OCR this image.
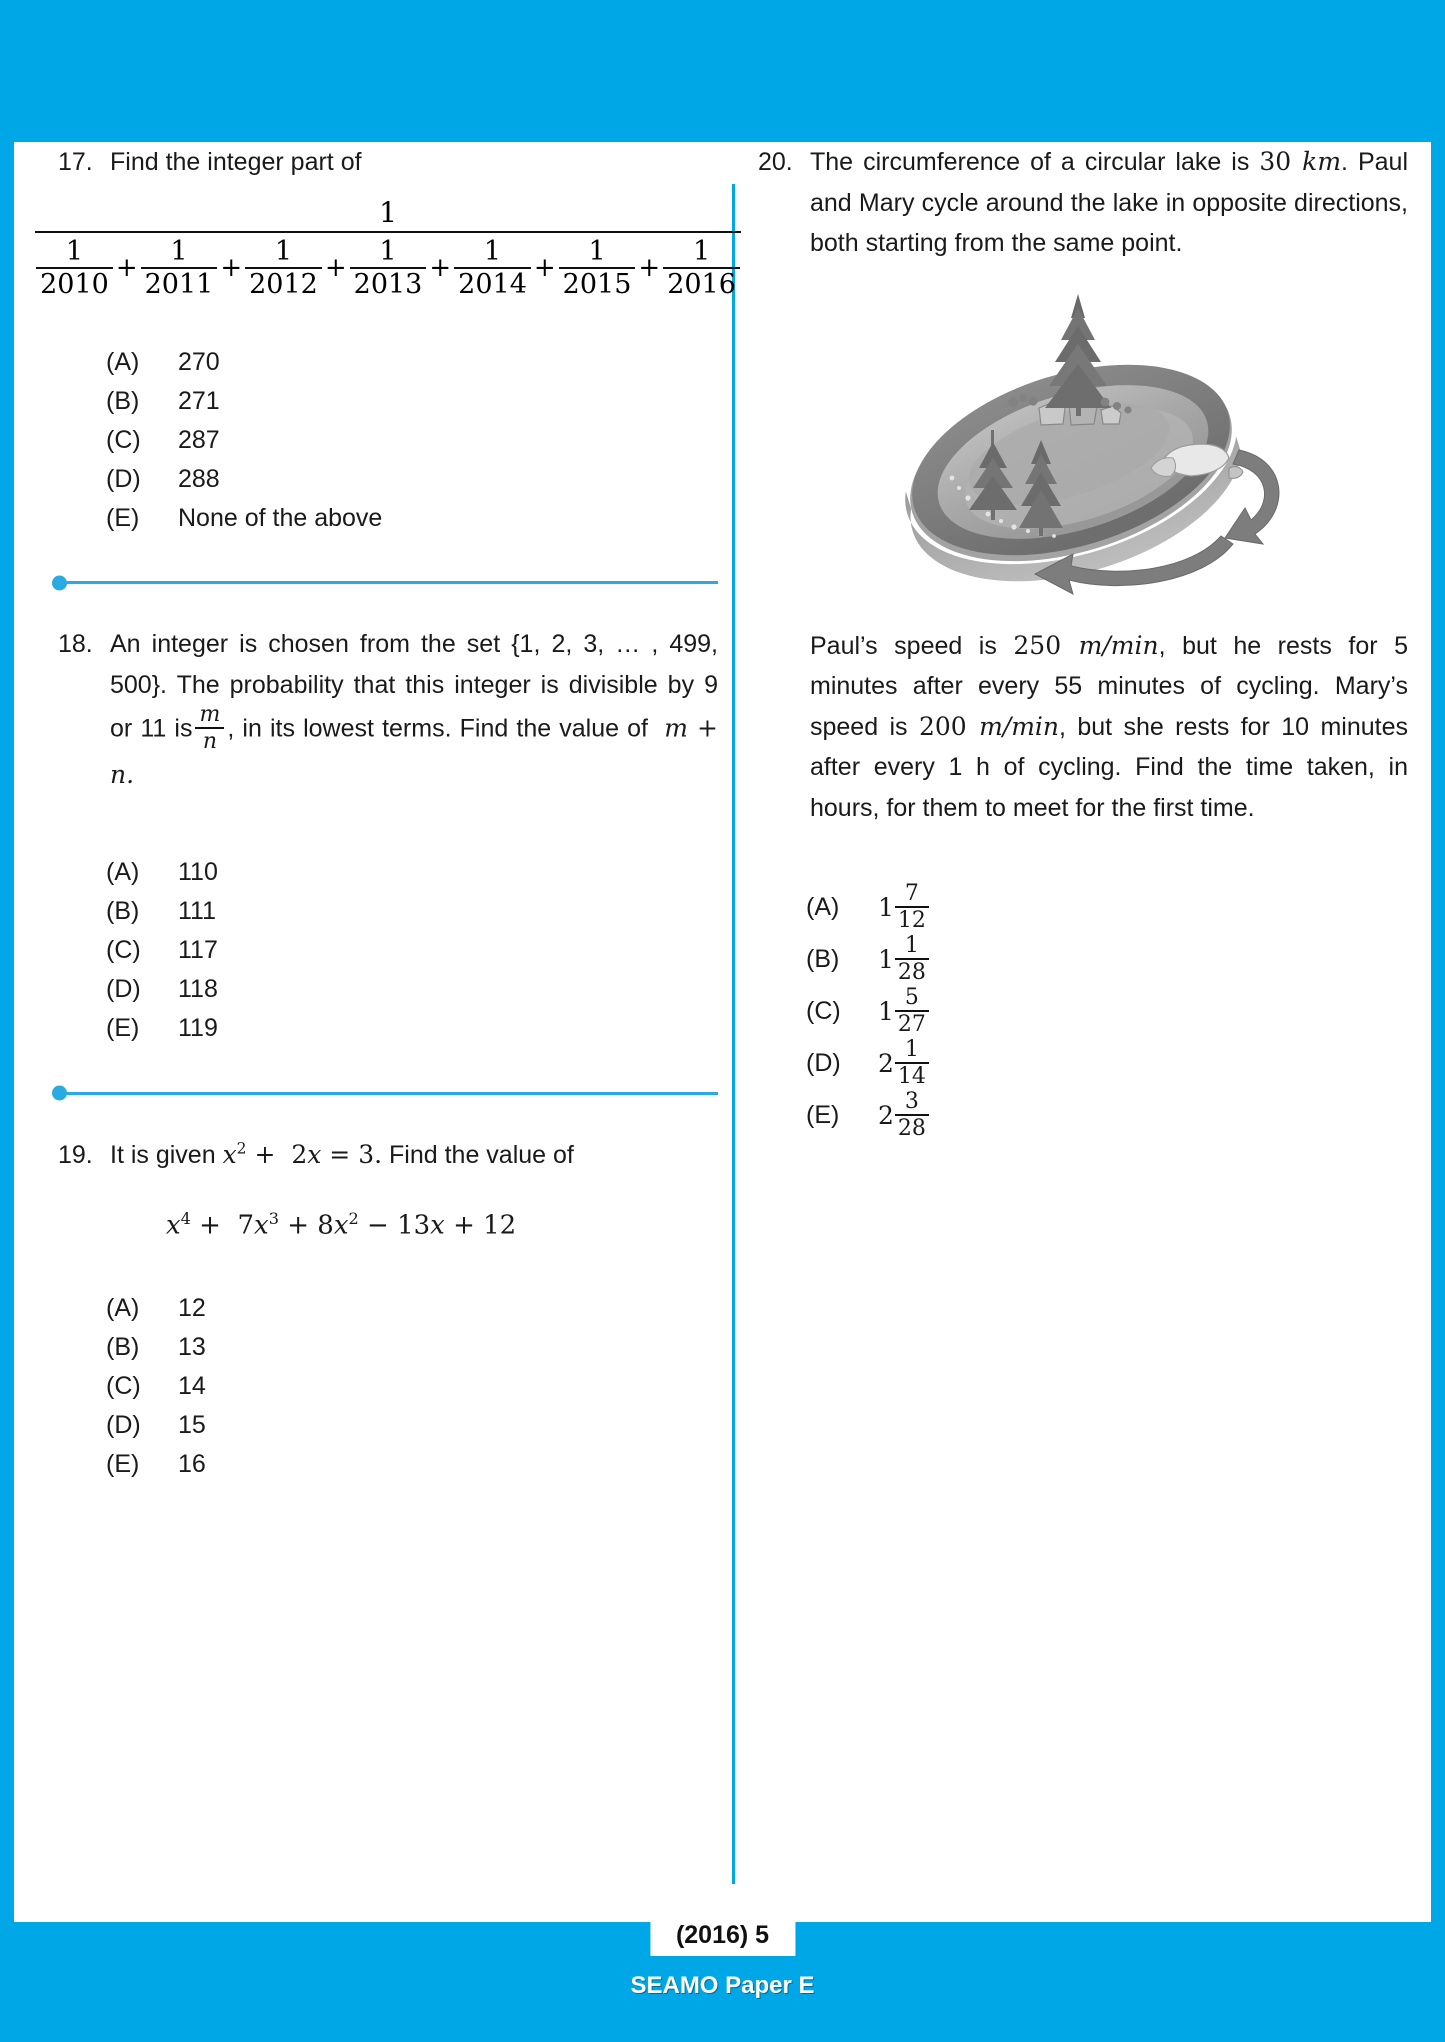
17. Find the integer part of
1
1
2010
+
1
2011
+
1
2012
+
1
2013
+
1
2014
+
1
2015
+
1
2016
(A)	270
(B)	271
(C)	287
(D)	288
(E)	None of the above
18. An integer is chosen from the set {1, 2, 3, … , 499, 500}. The probability that this integer is divisible by 9 or 11 is $\frac{m}{n}$ , in its lowest terms. Find the value of m + n.
(A)	110
(B)	111
(C)	117
(D)	118
(E)	119
19. It is given $x^2 + 2x = 3$. Find the value of
$x^4 + 7x^3 + 8x^2 - 13x + 12$
(A)	12
(B)	13
(C)	14
(D)	15
(E)	16
20. The circumference of a circular lake is 30 km. Paul and Mary cycle around the lake in opposite directions, both starting from the same point.
Paul’s speed is 250 m/min, but he rests for 5 minutes after every 55 minutes of cycling. Mary’s speed is 200 m/min, but she rests for 10 minutes after every 1 h of cycling. Find the time taken, in hours, for them to meet for the first time.
(A)	1 7
12
(B)	1 1
28
(C)	1 5
27
(D)	2 1
14
(E)	2 3
28
(2016) 5
SEAMO Paper E
